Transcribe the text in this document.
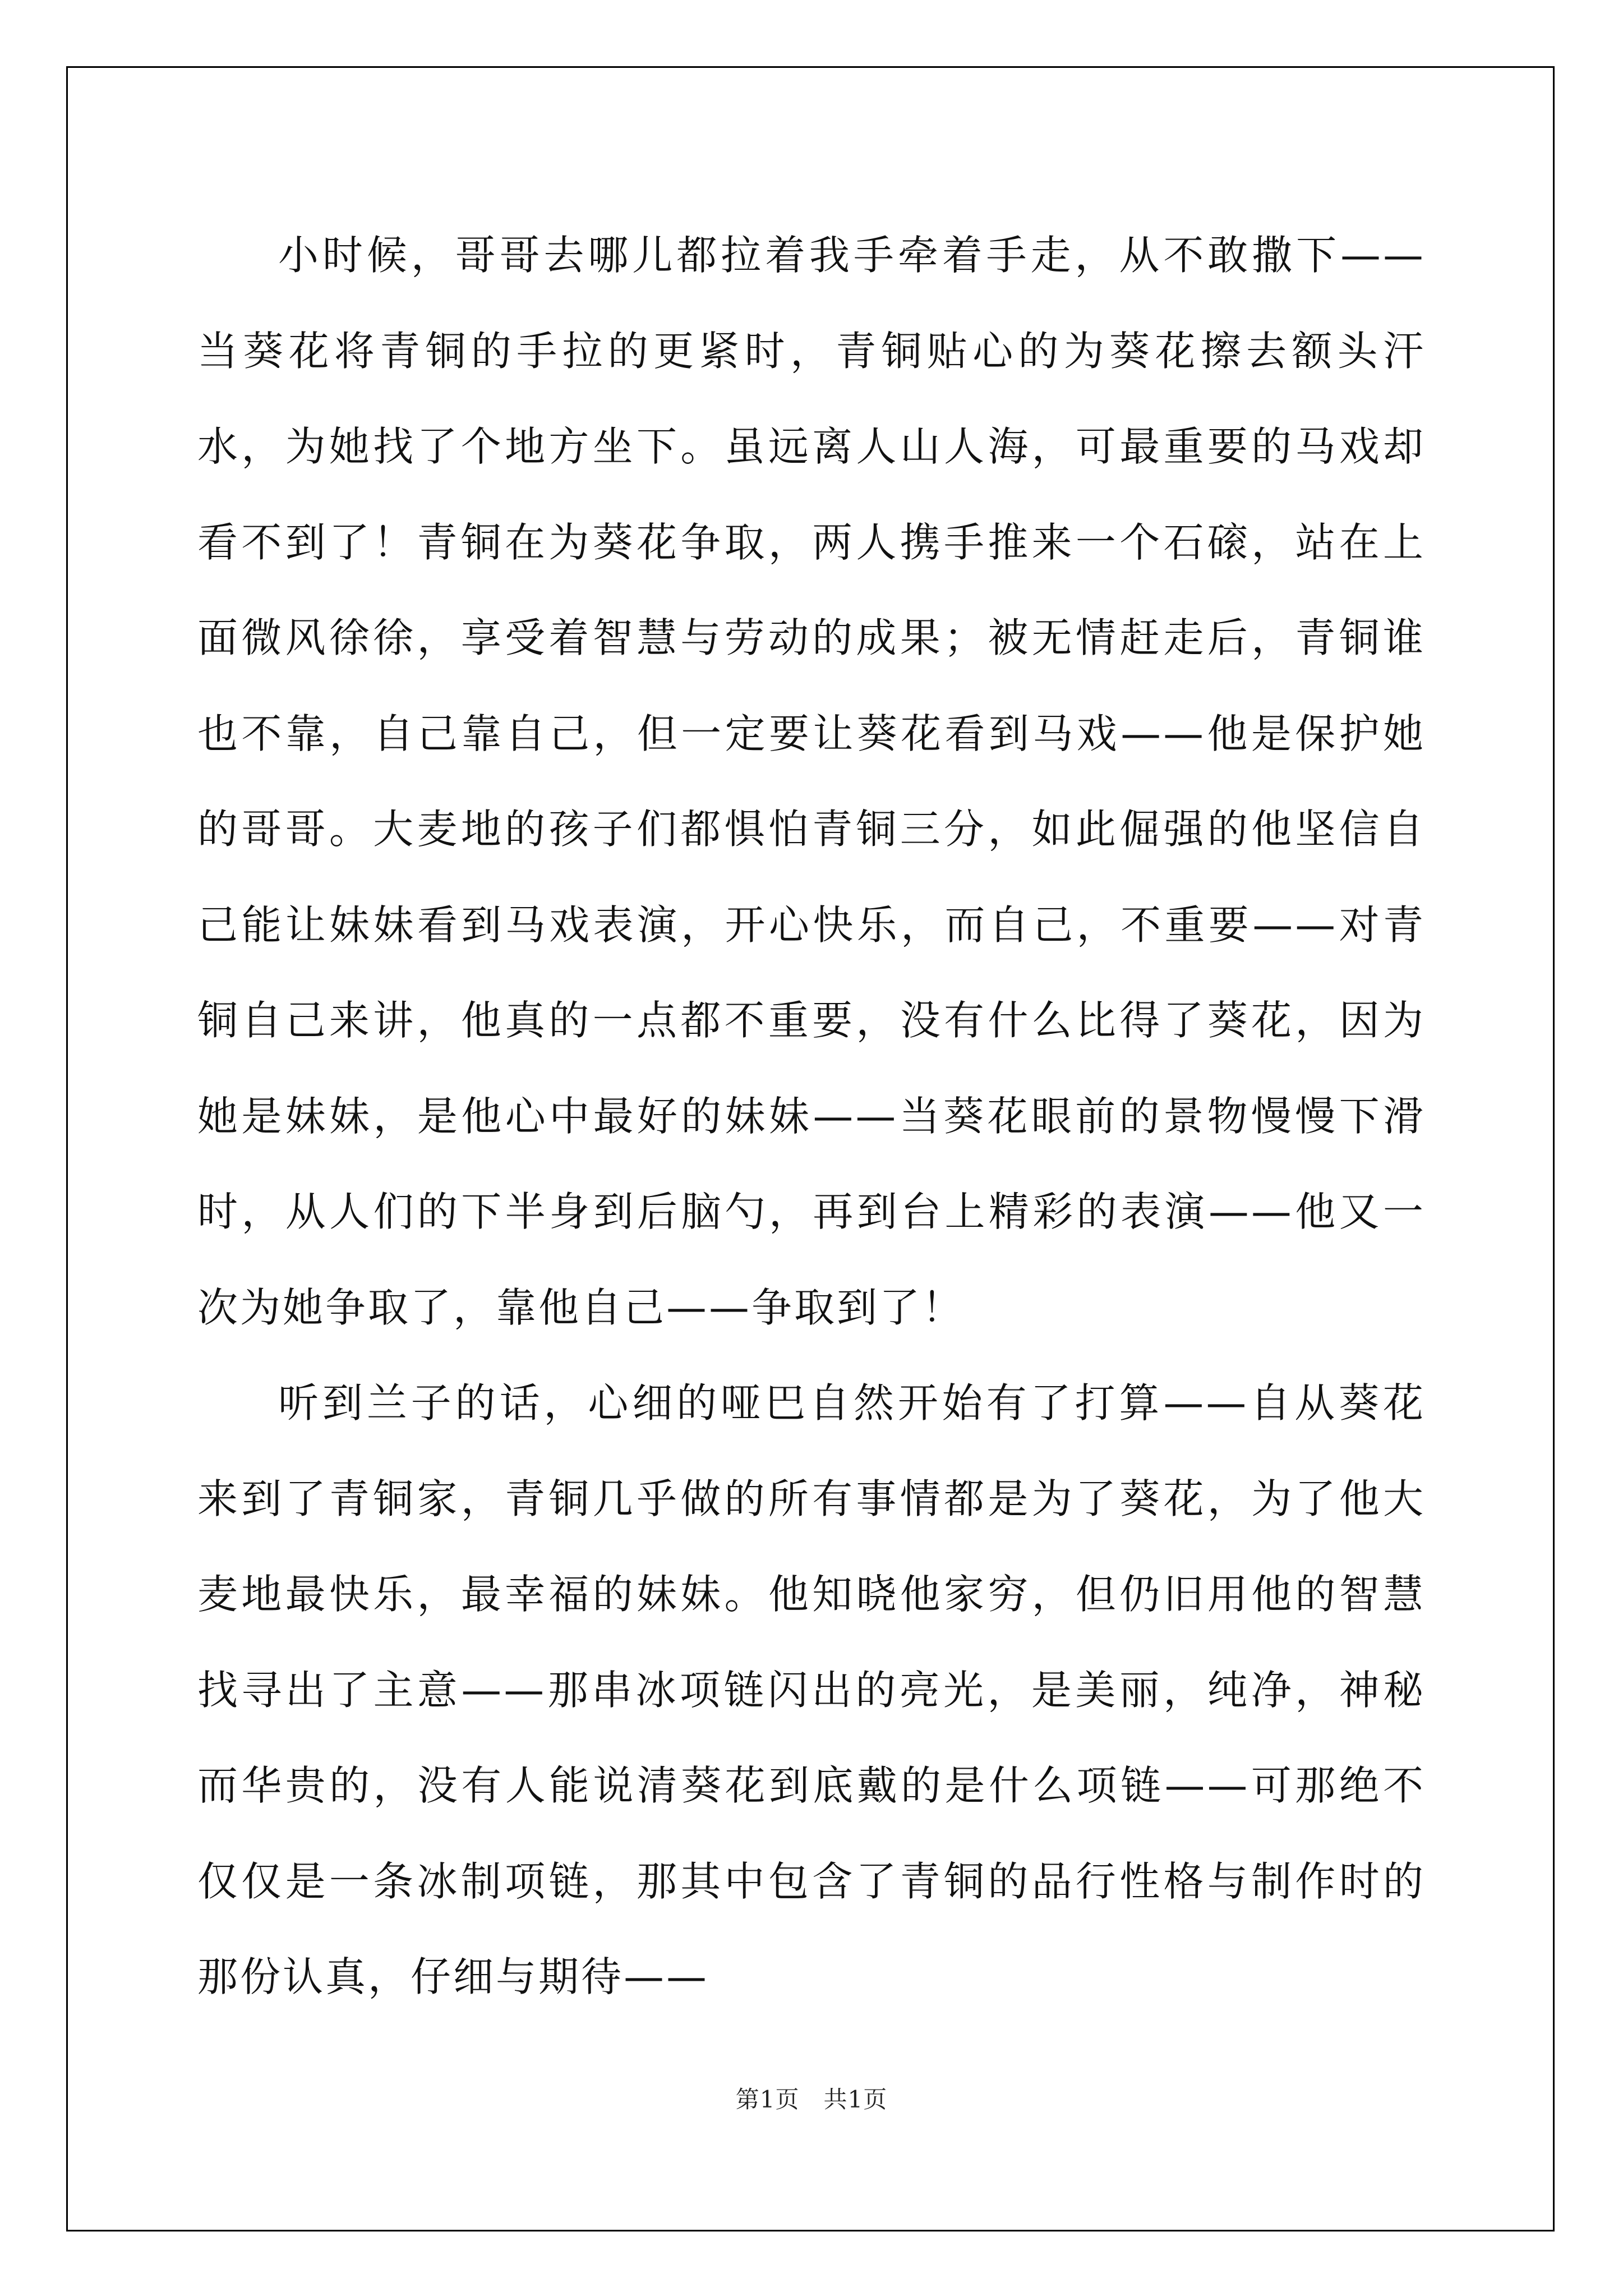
小时候，哥哥去哪儿都拉着我手牵着手走，从不敢撒下——当葵花将青铜的手拉的更紧时，青铜贴心的为葵花擦去额头汗水，为她找了个地方坐下。虽远离人山人海，可最重要的马戏却看不到了！青铜在为葵花争取，两人携手推来一个石磙，站在上面微风徐徐，享受着智慧与劳动的成果；被无情赶走后，青铜谁也不靠，自己靠自己，但一定要让葵花看到马戏——他是保护她的哥哥。大麦地的孩子们都惧怕青铜三分，如此倔强的他坚信自己能让妹妹看到马戏表演，开心快乐，而自己，不重要——对青铜自己来讲，他真的一点都不重要，没有什么比得了葵花，因为她是妹妹，是他心中最好的妹妹——当葵花眼前的景物慢慢下滑时，从人们的下半身到后脑勺，再到台上精彩的表演——他又一次为她争取了，靠他自己——争取到了！

听到兰子的话，心细的哑巴自然开始有了打算——自从葵花来到了青铜家，青铜几乎做的所有事情都是为了葵花，为了他大麦地最快乐，最幸福的妹妹。他知晓他家穷，但仍旧用他的智慧找寻出了主意——那串冰项链闪出的亮光，是美丽，纯净，神秘而华贵的，没有人能说清葵花到底戴的是什么项链——可那绝不仅仅是一条冰制项链，那其中包含了青铜的品行性格与制作时的那份认真，仔细与期待——

第1页　共1页
